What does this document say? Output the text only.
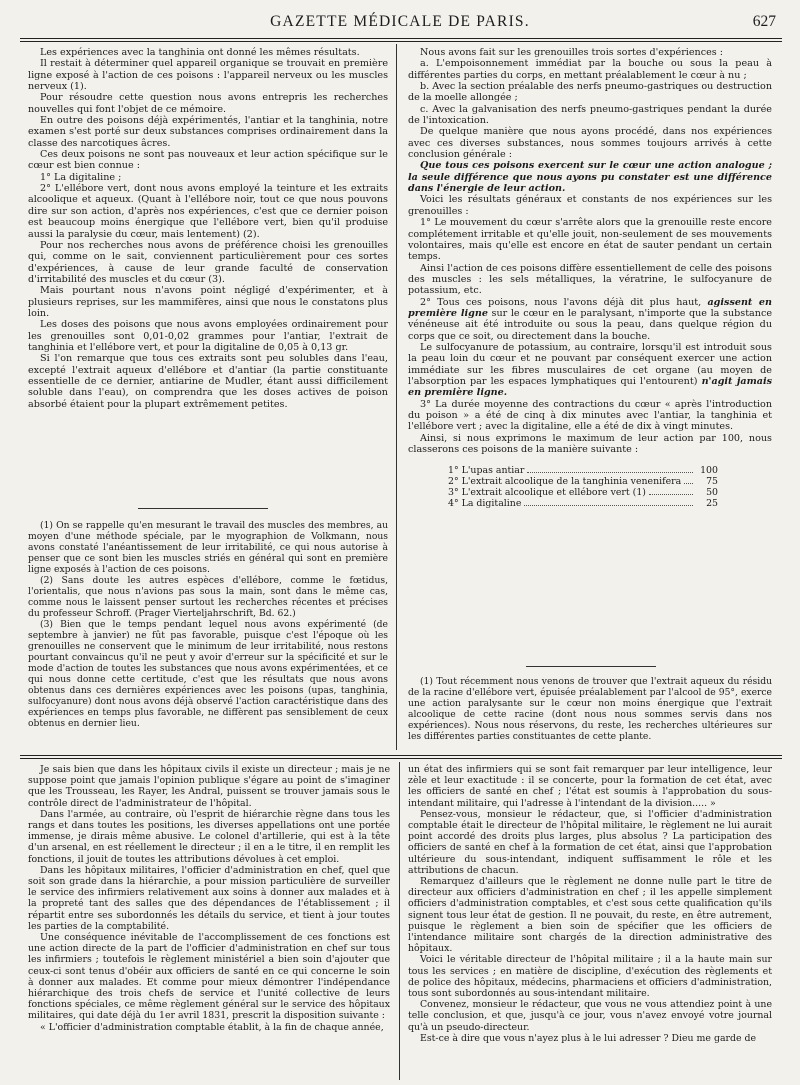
GAZETTE MÉDICALE DE PARIS.	627

Les expériences avec la tanghinia ont donné les mêmes résultats.

Il restait à déterminer quel appareil organique se trouvait en première ligne exposé à l'action de ces poisons : l'appareil nerveux ou les muscles nerveux (1).

Pour résoudre cette question nous avons entrepris les recherches nouvelles qui font l'objet de ce mémoire.

En outre des poisons déjà expérimentés, l'antiar et la tanghinia, notre examen s'est porté sur deux substances comprises ordinairement dans la classe des narcotiques âcres.

Ces deux poisons ne sont pas nouveaux et leur action spécifique sur le cœur est bien connue :

1° La digitaline ;

2° L'ellébore vert, dont nous avons employé la teinture et les extraits alcoolique et aqueux. (Quant à l'ellébore noir, tout ce que nous pouvons dire sur son action, d'après nos expériences, c'est que ce dernier poison est beaucoup moins énergique que l'ellébore vert, bien qu'il produise aussi la paralysie du cœur, mais lentement) (2).

Pour nos recherches nous avons de préférence choisi les grenouilles qui, comme on le sait, conviennent particulièrement pour ces sortes d'expériences, à cause de leur grande faculté de conservation d'irritabilité des muscles et du cœur (3).

Mais pourtant nous n'avons point négligé d'expérimenter, et à plusieurs reprises, sur les mammifères, ainsi que nous le constatons plus loin.

Les doses des poisons que nous avons employées ordinairement pour les grenouilles sont 0,01-0,02 grammes pour l'antiar, l'extrait de tanghinia et l'ellébore vert, et pour la digitaline de 0,05 à 0,13 gr.

Si l'on remarque que tous ces extraits sont peu solubles dans l'eau, excepté l'extrait aqueux d'ellébore et d'antiar (la partie constituante essentielle de ce dernier, antiarine de Mudler, étant aussi difficilement soluble dans l'eau), on comprendra que les doses actives de poison absorbé étaient pour la plupart extrêmement petites.

(1) On se rappelle qu'en mesurant le travail des muscles des membres, au moyen d'une méthode spéciale, par le myographion de Volkmann, nous avons constaté l'anéantissement de leur irritabilité, ce qui nous autorise à penser que ce sont bien les muscles striés en général qui sont en première ligne exposés à l'action de ces poisons.

(2) Sans doute les autres espèces d'ellébore, comme le fœtidus, l'orientalis, que nous n'avions pas sous la main, sont dans le même cas, comme nous le laissent penser surtout les recherches récentes et précises du professeur Schroff. (Prager Vierteljahrschrift, Bd. 62.)

(3) Bien que le temps pendant lequel nous avons expérimenté (de septembre à janvier) ne fût pas favorable, puisque c'est l'époque où les grenouilles ne conservent que le minimum de leur irritabilité, nous restons pourtant convaincus qu'il ne peut y avoir d'erreur sur la spécificité et sur le mode d'action de toutes les substances que nous avons expérimentées, et ce qui nous donne cette certitude, c'est que les résultats que nous avons obtenus dans ces dernières expériences avec les poisons (upas, tanghinia, sulfocyanure) dont nous avons déjà observé l'action caractéristique dans des expériences en temps plus favorable, ne diffèrent pas sensiblement de ceux obtenus en dernier lieu.

Nous avons fait sur les grenouilles trois sortes d'expériences :

a. L'empoisonnement immédiat par la bouche ou sous la peau à différentes parties du corps, en mettant préalablement le cœur à nu ;

b. Avec la section préalable des nerfs pneumo-gastriques ou destruction de la moelle allongée ;

c. Avec la galvanisation des nerfs pneumo-gastriques pendant la durée de l'intoxication.

De quelque manière que nous ayons procédé, dans nos expériences avec ces diverses substances, nous sommes toujours arrivés à cette conclusion générale :

Que tous ces poisons exercent sur le cœur une action analogue ; la seule différence que nous ayons pu constater est une différence dans l'énergie de leur action.

Voici les résultats généraux et constants de nos expériences sur les grenouilles :

1° Le mouvement du cœur s'arrête alors que la grenouille reste encore complétement irritable et qu'elle jouit, non-seulement de ses mouvements volontaires, mais qu'elle est encore en état de sauter pendant un certain temps.

Ainsi l'action de ces poisons diffère essentiellement de celle des poisons des muscles : les sels métalliques, la vératrine, le sulfocyanure de potassium, etc.

2° Tous ces poisons, nous l'avons déjà dit plus haut, agissent en première ligne sur le cœur en le paralysant, n'importe que la substance vénéneuse ait été introduite ou sous la peau, dans quelque région du corps que ce soit, ou directement dans la bouche.

Le sulfocyanure de potassium, au contraire, lorsqu'il est introduit sous la peau loin du cœur et ne pouvant par conséquent exercer une action immédiate sur les fibres musculaires de cet organe (au moyen de l'absorption par les espaces lymphatiques qui l'entourent) n'agit jamais en première ligne.

3° La durée moyenne des contractions du cœur « après l'introduction du poison » a été de cinq à dix minutes avec l'antiar, la tanghinia et l'ellébore vert ; avec la digitaline, elle a été de dix à vingt minutes.

Ainsi, si nous exprimons le maximum de leur action par 100, nous classerons ces poisons de la manière suivante :

1° L'upas antiar	100
2° L'extrait alcoolique de la tanghinia venenifera	75
3° L'extrait alcoolique et ellébore vert (1)	50
4° La digitaline	25

(1) Tout récemment nous venons de trouver que l'extrait aqueux du résidu de la racine d'ellébore vert, épuisée préalablement par l'alcool de 95°, exerce une action paralysante sur le cœur non moins énergique que l'extrait alcoolique de cette racine (dont nous nous sommes servis dans nos expériences). Nous nous réservons, du reste, les recherches ultérieures sur les différentes parties constituantes de cette plante.

Je sais bien que dans les hôpitaux civils il existe un directeur ; mais je ne suppose point que jamais l'opinion publique s'égare au point de s'imaginer que les Trousseau, les Rayer, les Andral, puissent se trouver jamais sous le contrôle direct de l'administrateur de l'hôpital.

Dans l'armée, au contraire, où l'esprit de hiérarchie règne dans tous les rangs et dans toutes les positions, les diverses appellations ont une portée immense, je dirais même abusive. Le colonel d'artillerie, qui est à la tête d'un arsenal, en est réellement le directeur ; il en a le titre, il en remplit les fonctions, il jouit de toutes les attributions dévolues à cet emploi.

Dans les hôpitaux militaires, l'officier d'administration en chef, quel que soit son grade dans la hiérarchie, a pour mission particulière de surveiller le service des infirmiers relativement aux soins à donner aux malades et à la propreté tant des salles que des dépendances de l'établissement ; il répartit entre ses subordonnés les détails du service, et tient à jour toutes les parties de la comptabilité.

Une conséquence inévitable de l'accomplissement de ces fonctions est une action directe de la part de l'officier d'administration en chef sur tous les infirmiers ; toutefois le règlement ministériel a bien soin d'ajouter que ceux-ci sont tenus d'obéir aux officiers de santé en ce qui concerne le soin à donner aux malades. Et comme pour mieux démontrer l'indépendance hiérarchique des trois chefs de service et l'unité collective de leurs fonctions spéciales, ce même règlement général sur le service des hôpitaux militaires, qui date déjà du 1er avril 1831, prescrit la disposition suivante :

« L'officier d'administration comptable établit, à la fin de chaque année,

un état des infirmiers qui se sont fait remarquer par leur intelligence, leur zèle et leur exactitude : il se concerte, pour la formation de cet état, avec les officiers de santé en chef ; l'état est soumis à l'approbation du sous-intendant militaire, qui l'adresse à l'intendant de la division..... »

Pensez-vous, monsieur le rédacteur, que, si l'officier d'administration comptable était le directeur de l'hôpital militaire, le règlement ne lui aurait point accordé des droits plus larges, plus absolus ? La participation des officiers de santé en chef à la formation de cet état, ainsi que l'approbation ultérieure du sous-intendant, indiquent suffisamment le rôle et les attributions de chacun.

Remarquez d'ailleurs que le règlement ne donne nulle part le titre de directeur aux officiers d'administration en chef ; il les appelle simplement officiers d'administration comptables, et c'est sous cette qualification qu'ils signent tous leur état de gestion. Il ne pouvait, du reste, en être autrement, puisque le règlement a bien soin de spécifier que les officiers de l'intendance militaire sont chargés de la direction administrative des hôpitaux.

Voici le véritable directeur de l'hôpital militaire ; il a la haute main sur tous les services ; en matière de discipline, d'exécution des règlements et de police des hôpitaux, médecins, pharmaciens et officiers d'administration, tous sont subordonnés au sous-intendant militaire.

Convenez, monsieur le rédacteur, que vous ne vous attendiez point à une telle conclusion, et que, jusqu'à ce jour, vous n'avez envoyé votre journal qu'à un pseudo-directeur.

Est-ce à dire que vous n'ayez plus à le lui adresser ? Dieu me garde de
